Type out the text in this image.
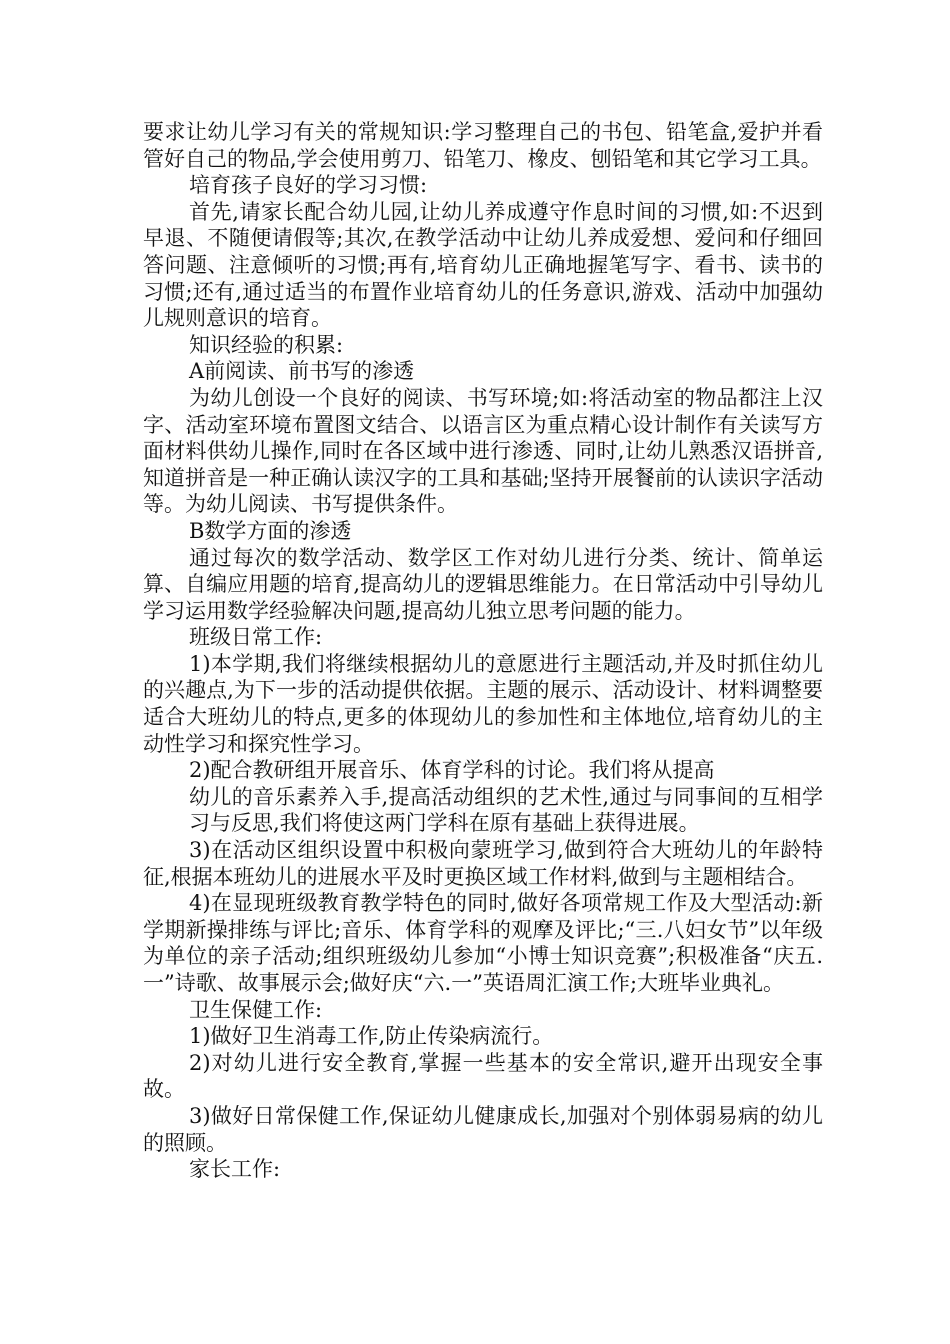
要求让幼儿学习有关的常规知识:学习整理自己的书包、铅笔盒,爱护并看管好自己的物品,学会使用剪刀、铅笔刀、橡皮、刨铅笔和其它学习工具。

培育孩子良好的学习习惯:

首先,请家长配合幼儿园,让幼儿养成遵守作息时间的习惯,如:不迟到早退、不随便请假等;其次,在教学活动中让幼儿养成爱想、爱问和仔细回答问题、注意倾听的习惯;再有,培育幼儿正确地握笔写字、看书、读书的习惯;还有,通过适当的布置作业培育幼儿的任务意识,游戏、活动中加强幼儿规则意识的培育。

知识经验的积累:

A前阅读、前书写的渗透

为幼儿创设一个良好的阅读、书写环境;如:将活动室的物品都注上汉字、活动室环境布置图文结合、以语言区为重点精心设计制作有关读写方面材料供幼儿操作,同时在各区域中进行渗透、同时,让幼儿熟悉汉语拼音,知道拼音是一种正确认读汉字的工具和基础;坚持开展餐前的认读识字活动等。为幼儿阅读、书写提供条件。

B数学方面的渗透

通过每次的数学活动、数学区工作对幼儿进行分类、统计、简单运算、自编应用题的培育,提高幼儿的逻辑思维能力。在日常活动中引导幼儿学习运用数学经验解决问题,提高幼儿独立思考问题的能力。

班级日常工作:

1)本学期,我们将继续根据幼儿的意愿进行主题活动,并及时抓住幼儿的兴趣点,为下一步的活动提供依据。主题的展示、活动设计、材料调整要适合大班幼儿的特点,更多的体现幼儿的参加性和主体地位,培育幼儿的主动性学习和探究性学习。

2)配合教研组开展音乐、体育学科的讨论。我们将从提高

幼儿的音乐素养入手,提高活动组织的艺术性,通过与同事间的互相学习与反思,我们将使这两门学科在原有基础上获得进展。

3)在活动区组织设置中积极向蒙班学习,做到符合大班幼儿的年龄特征,根据本班幼儿的进展水平及时更换区域工作材料,做到与主题相结合。

4)在显现班级教育教学特色的同时,做好各项常规工作及大型活动:新学期新操排练与评比;音乐、体育学科的观摩及评比;“三.八妇女节”以年级为单位的亲子活动;组织班级幼儿参加“小博士知识竞赛”;积极准备“庆五.一”诗歌、故事展示会;做好庆“六.一”英语周汇演工作;大班毕业典礼。

卫生保健工作:

1)做好卫生消毒工作,防止传染病流行。

2)对幼儿进行安全教育,掌握一些基本的安全常识,避开出现安全事故。

3)做好日常保健工作,保证幼儿健康成长,加强对个别体弱易病的幼儿的照顾。

家长工作:
